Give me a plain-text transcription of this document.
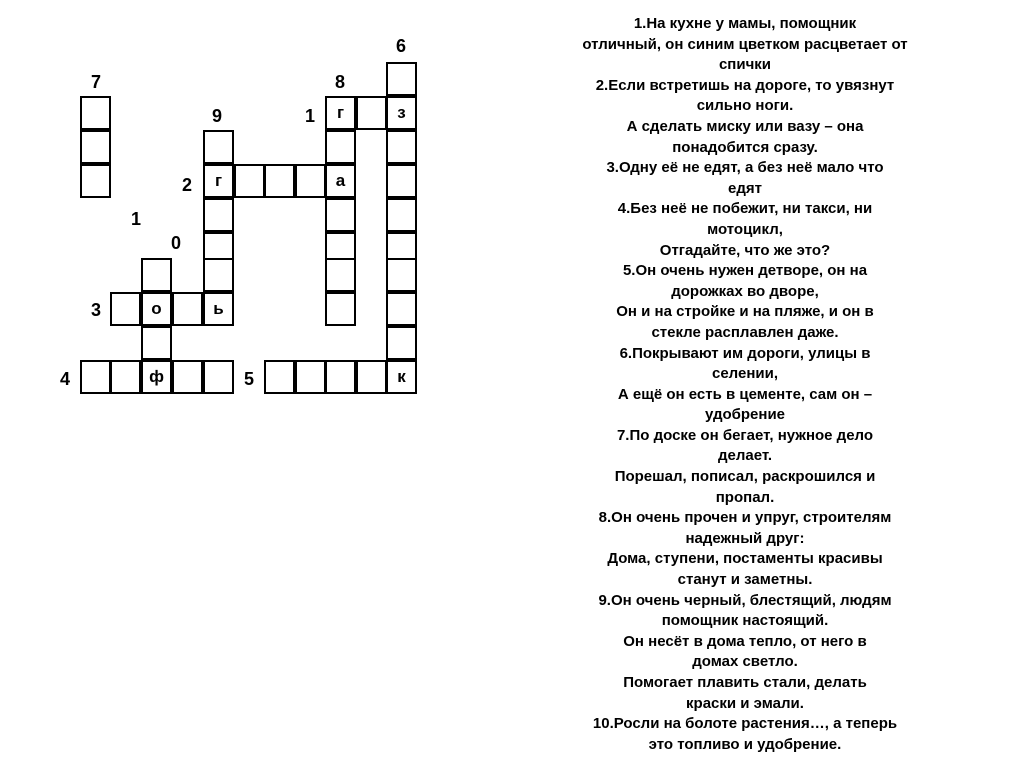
6
7	8
9	1
2
1
0
3
4	5
з
к
г
а
г
ь
о
ф
1.На кухне у мамы, помощник
отличный, он синим цветком расцветает от
спички
2.Если встретишь на дороге, то увязнут
сильно ноги.
А сделать миску или вазу – она
понадобится сразу.
3.Одну её не едят, а без неё мало что
едят
4.Без неё не побежит, ни такси, ни
мотоцикл,
Отгадайте, что же это?
5.Он очень нужен детворе, он на
дорожках во дворе,
Он и на стройке и на пляже, и он в
стекле расплавлен даже.
6.Покрывают им дороги, улицы в
селении,
А ещё он есть в цементе, сам он –
удобрение
7.По доске он бегает, нужное дело
делает.
Порешал, пописал, раскрошился и
пропал.
8.Он очень прочен и упруг, строителям
надежный друг:
Дома, ступени, постаменты красивы
станут и заметны.
9.Он очень черный, блестящий, людям
помощник настоящий.
Он несёт в дома тепло, от него в
домах светло.
Помогает плавить стали, делать
краски и эмали.
10.Росли на болоте растения…, а теперь
это топливо и удобрение.
